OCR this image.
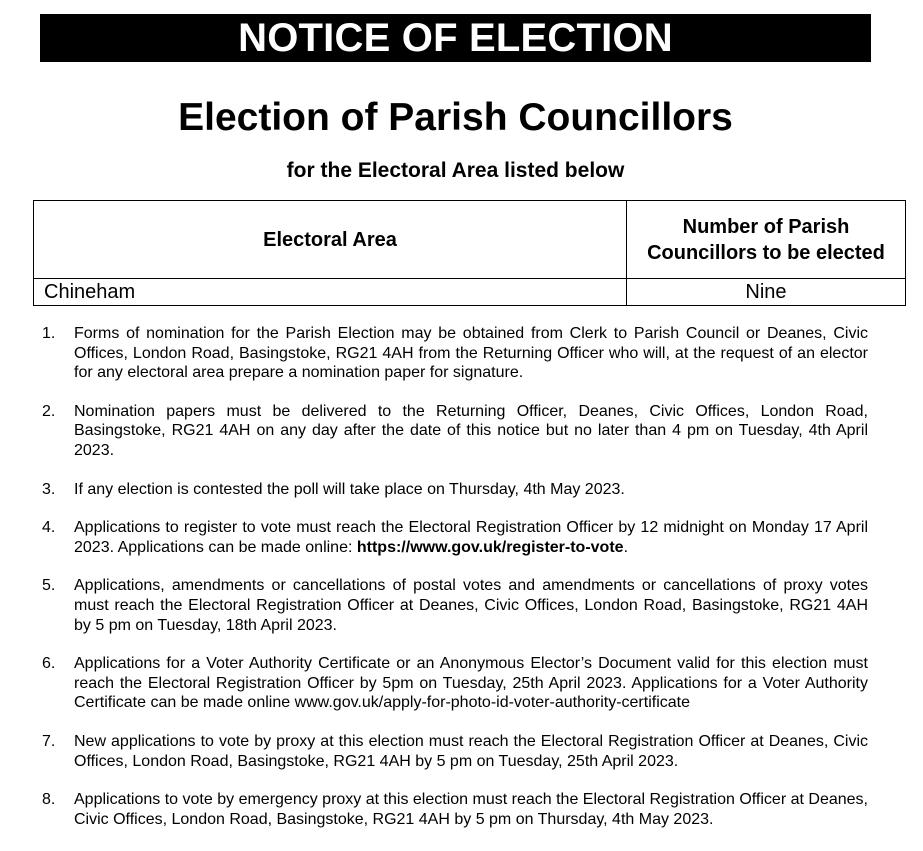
NOTICE OF ELECTION
Election of Parish Councillors
for the Electoral Area listed below
Electoral Area	Number of Parish Councillors to be elected
Chineham	Nine
1. Forms of nomination for the Parish Election may be obtained from Clerk to Parish Council or Deanes, Civic Offices, London Road, Basingstoke, RG21 4AH from the Returning Officer who will, at the request of an elector for any electoral area prepare a nomination paper for signature.
2. Nomination papers must be delivered to the Returning Officer, Deanes, Civic Offices, London Road, Basingstoke, RG21 4AH on any day after the date of this notice but no later than 4 pm on Tuesday, 4th April 2023.
3. If any election is contested the poll will take place on Thursday, 4th May 2023.
4. Applications to register to vote must reach the Electoral Registration Officer by 12 midnight on Monday 17 April 2023. Applications can be made online: https://www.gov.uk/register-to-vote.
5. Applications, amendments or cancellations of postal votes and amendments or cancellations of proxy votes must reach the Electoral Registration Officer at Deanes, Civic Offices, London Road, Basingstoke, RG21 4AH by 5 pm on Tuesday, 18th April 2023.
6. Applications for a Voter Authority Certificate or an Anonymous Elector’s Document valid for this election must reach the Electoral Registration Officer by 5pm on Tuesday, 25th April 2023. Applications for a Voter Authority Certificate can be made online www.gov.uk/apply-for-photo-id-voter-authority-certificate
7. New applications to vote by proxy at this election must reach the Electoral Registration Officer at Deanes, Civic Offices, London Road, Basingstoke, RG21 4AH by 5 pm on Tuesday, 25th April 2023.
8. Applications to vote by emergency proxy at this election must reach the Electoral Registration Officer at Deanes, Civic Offices, London Road, Basingstoke, RG21 4AH by 5 pm on Thursday, 4th May 2023.
